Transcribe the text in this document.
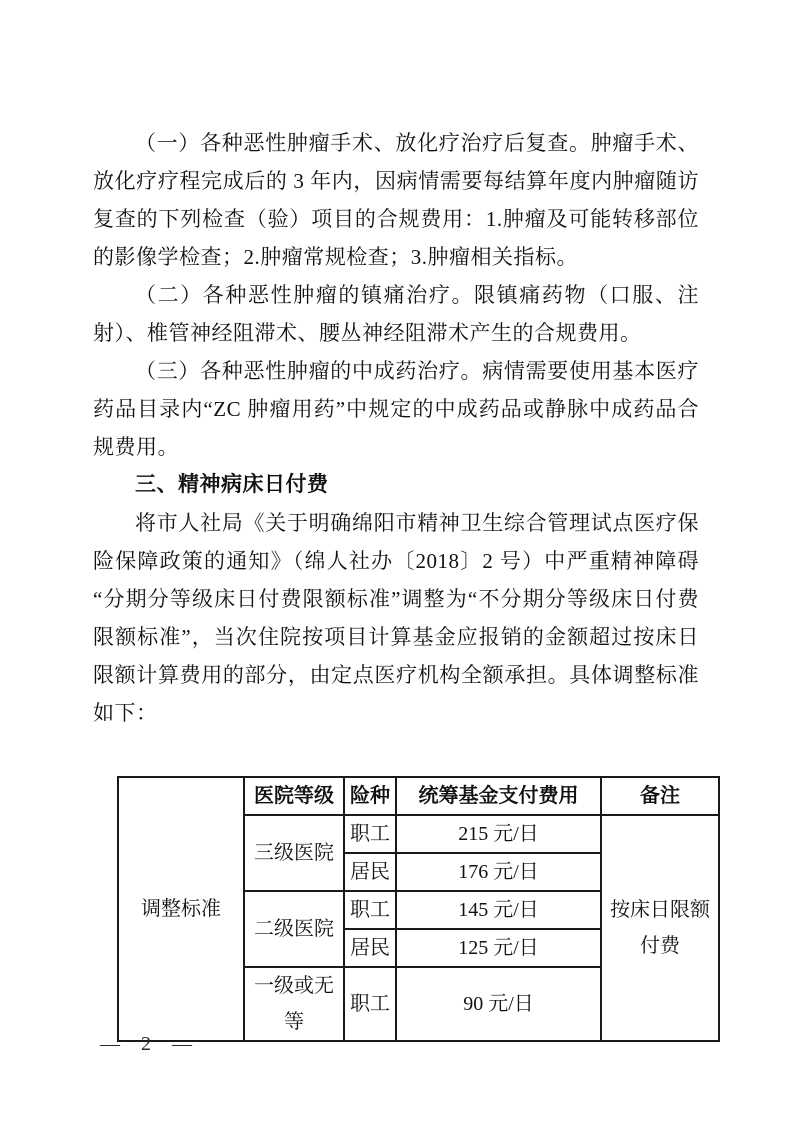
（一）各种恶性肿瘤手术、放化疗治疗后复查。肿瘤手术、放化疗疗程完成后的 3 年内，因病情需要每结算年度内肿瘤随访复查的下列检查（验）项目的合规费用：1.肿瘤及可能转移部位的影像学检查；2.肿瘤常规检查；3.肿瘤相关指标。

（二）各种恶性肿瘤的镇痛治疗。限镇痛药物（口服、注射）、椎管神经阻滞术、腰丛神经阻滞术产生的合规费用。

（三）各种恶性肿瘤的中成药治疗。病情需要使用基本医疗药品目录内“ZC 肿瘤用药”中规定的中成药品或静脉中成药品合规费用。

三、精神病床日付费

将市人社局《关于明确绵阳市精神卫生综合管理试点医疗保险保障政策的通知》（绵人社办〔2018〕2 号）中严重精神障碍“分期分等级床日付费限额标准”调整为“不分期分等级床日付费限额标准”，当次住院按项目计算基金应报销的金额超过按床日限额计算费用的部分，由定点医疗机构全额承担。具体调整标准如下：

调整标准	医院等级	险种	统筹基金支付费用	备注
	三级医院	职工	215 元/日	按床日限额付费
		居民	176 元/日	
	二级医院	职工	145 元/日	
		居民	125 元/日	
	一级或无等	职工	90 元/日	
— 2 —
